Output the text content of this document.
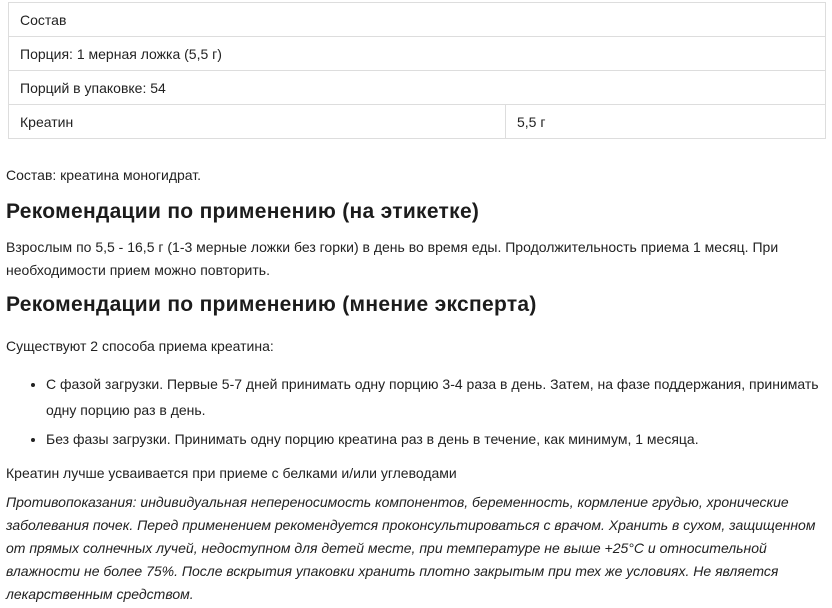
Состав
Порция: 1 мерная ложка (5,5 г)
Порций в упаковке: 54
Креатин	5,5 г

Состав: креатина моногидрат.

Рекомендации по применению (на этикетке)

Взрослым по 5,5 - 16,5 г (1-3 мерные ложки без горки) в день во время еды. Продолжительность приема 1 месяц. При необходимости прием можно повторить.

Рекомендации по применению (мнение эксперта)

Существуют 2 способа приема креатина:

• С фазой загрузки. Первые 5-7 дней принимать одну порцию 3-4 раза в день. Затем, на фазе поддержания, принимать одну порцию раз в день.
• Без фазы загрузки. Принимать одну порцию креатина раз в день в течение, как минимум, 1 месяца.

Креатин лучше усваивается при приеме с белками и/или углеводами

Противопоказания: индивидуальная непереносимость компонентов, беременность, кормление грудью, хронические заболевания почек. Перед применением рекомендуется проконсультироваться с врачом. Хранить в сухом, защищенном от прямых солнечных лучей, недоступном для детей месте, при температуре не выше +25°C и относительной влажности не более 75%. После вскрытия упаковки хранить плотно закрытым при тех же условиях. Не является лекарственным средством.
